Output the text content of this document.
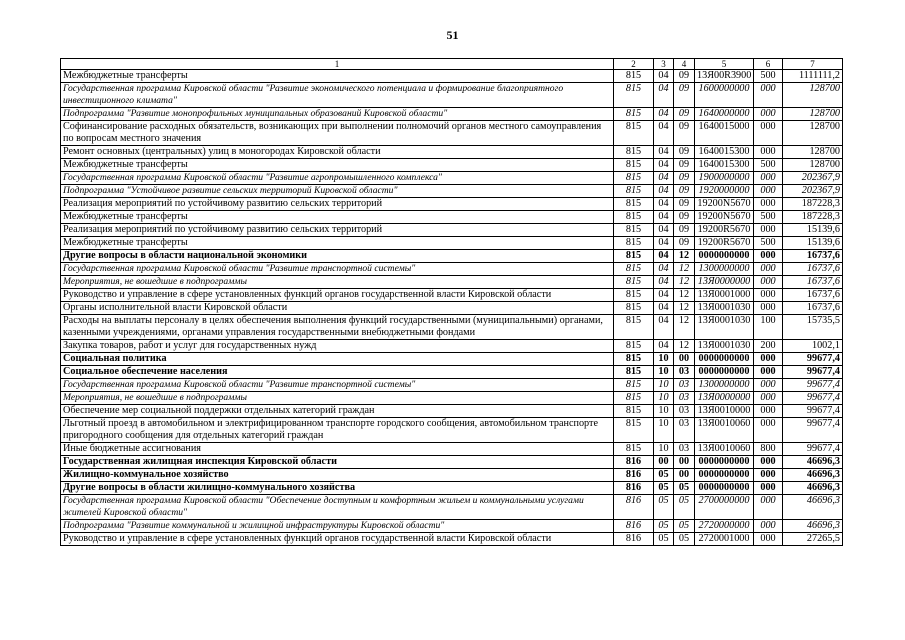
51
1	2	3	4	5	6	7
Межбюджетные трансферты	815	04	09	13Я00R3900	500	1111111,2
Государственная программа Кировской области "Развитие экономического потенциала и формирование благоприятного инвестиционного климата"	815	04	09	1600000000	000	128700
Подпрограмма "Развитие монопрофильных муниципальных образований Кировской области"	815	04	09	1640000000	000	128700
Софинансирование расходных обязательств, возникающих при выполнении полномочий органов местного самоуправления по вопросам местного значения	815	04	09	1640015000	000	128700
Ремонт основных (центральных) улиц в моногородах Кировской области	815	04	09	1640015300	000	128700
Межбюджетные трансферты	815	04	09	1640015300	500	128700
Государственная программа Кировской области "Развитие агропромышленного комплекса"	815	04	09	1900000000	000	202367,9
Подпрограмма "Устойчивое развитие сельских территорий Кировской области"	815	04	09	1920000000	000	202367,9
Реализация мероприятий по устойчивому развитию сельских территорий	815	04	09	19200N5670	000	187228,3
Межбюджетные трансферты	815	04	09	19200N5670	500	187228,3
Реализация мероприятий по устойчивому развитию сельских территорий	815	04	09	19200R5670	000	15139,6
Межбюджетные трансферты	815	04	09	19200R5670	500	15139,6
Другие вопросы в области национальной экономики	815	04	12	0000000000	000	16737,6
Государственная программа Кировской области "Развитие транспортной системы"	815	04	12	1300000000	000	16737,6
Мероприятия, не вошедшие в подпрограммы	815	04	12	13Я0000000	000	16737,6
Руководство и управление в сфере установленных функций органов государственной власти Кировской области	815	04	12	13Я0001000	000	16737,6
Органы исполнительной власти Кировской области	815	04	12	13Я0001030	000	16737,6
Расходы на выплаты персоналу в целях обеспечения выполнения функций государственными (муниципальными) органами, казенными учреждениями, органами управления государственными внебюджетными фондами	815	04	12	13Я0001030	100	15735,5
Закупка товаров, работ и услуг для государственных нужд	815	04	12	13Я0001030	200	1002,1
Социальная политика	815	10	00	0000000000	000	99677,4
Социальное обеспечение населения	815	10	03	0000000000	000	99677,4
Государственная программа Кировской области "Развитие транспортной системы"	815	10	03	1300000000	000	99677,4
Мероприятия, не вошедшие в подпрограммы	815	10	03	13Я0000000	000	99677,4
Обеспечение мер социальной поддержки отдельных категорий граждан	815	10	03	13Я0010000	000	99677,4
Льготный проезд в автомобильном и электрифицированном транспорте городского сообщения, автомобильном транспорте пригородного сообщения для отдельных категорий граждан	815	10	03	13Я0010060	000	99677,4
Иные бюджетные ассигнования	815	10	03	13Я0010060	800	99677,4
Государственная жилищная инспекция Кировской области	816	00	00	0000000000	000	46696,3
Жилищно-коммунальное хозяйство	816	05	00	0000000000	000	46696,3
Другие вопросы в области жилищно-коммунального хозяйства	816	05	05	0000000000	000	46696,3
Государственная программа Кировской области "Обеспечение доступным и комфортным жильем и коммунальными услугами жителей Кировской области"	816	05	05	2700000000	000	46696,3
Подпрограмма "Развитие коммунальной и жилищной инфраструктуры Кировской области"	816	05	05	2720000000	000	46696,3
Руководство и управление в сфере установленных функций органов государственной власти Кировской области	816	05	05	2720001000	000	27265,5
